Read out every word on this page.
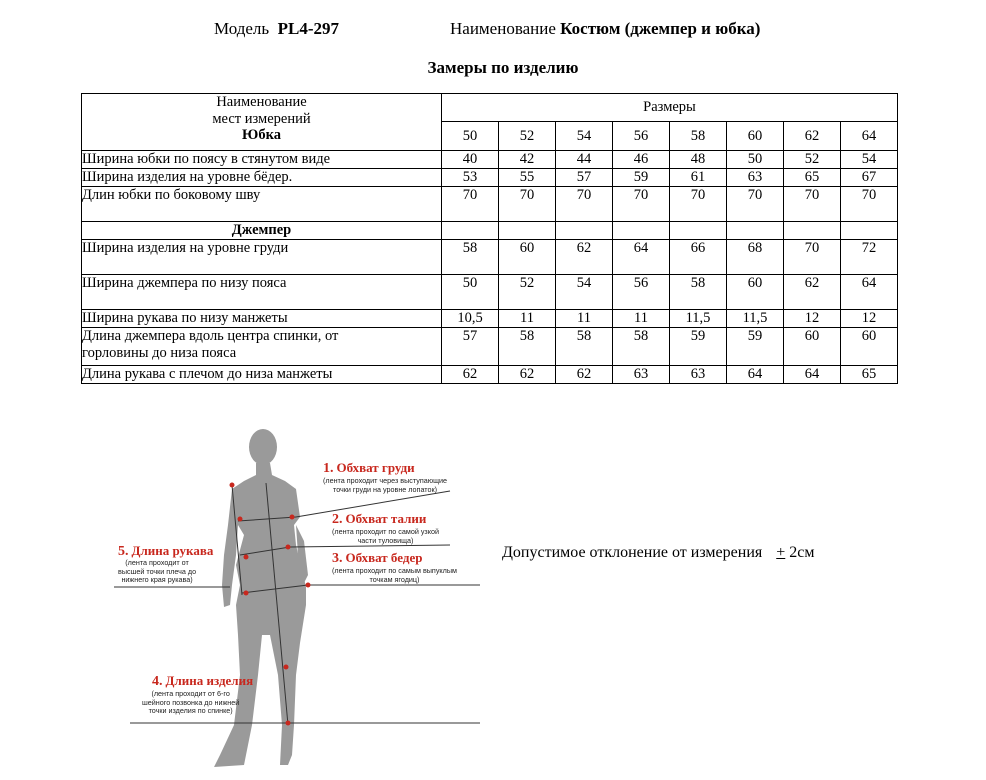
Модель PL4-297	Наименование Костюм (джемпер и юбка)
Замеры по изделию
Наименование
мест измерений
Юбка	Размеры							
	50	52	54	56	58	60	62	64
Ширина юбки по поясу в стянутом виде	40	42	44	46	48	50	52	54
Ширина изделия на уровне бёдер.	53	55	57	59	61	63	65	67
Длин юбки по боковому шву	70	70	70	70	70	70	70	70

Джемпер								

Ширина изделия на уровне груди	58	60	62	64	66	68	70	72
Ширина джемпера по низу пояса	50	52	54	56	58	60	62	64
Ширина рукава по низу манжеты	10,5	11	11	11	11,5	11,5	12	12

Длина джемпера вдоль центра спинки, от
горловины до низа пояса	57	58	58	58	59	59	60	60
Длина рукава с плечом до низа манжеты	62	62	62	63	63	64	64	65
1. Обхват груди
(лента проходит через выступающие
точки груди на уровне лопаток)
2. Обхват талии
(лента проходит по самой узкой
части туловища)
3. Обхват бедер
(лента проходит по самым выпуклым
точкам ягодиц)
4. Длина изделия
(лента проходит от 6-го
шейного позвонка до нижней
точки изделия по спинке)
5. Длина рукава
(лента проходит от
высшей точки плеча до
нижнего края рукава)
Допустимое отклонение от измерения + 2см
